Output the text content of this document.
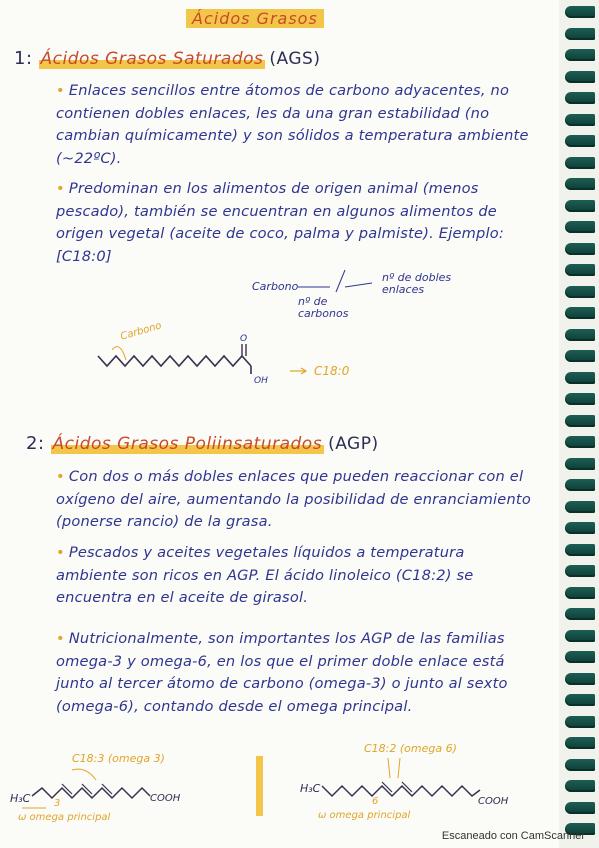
Ácidos Grasos
1: Ácidos Grasos Saturados (AGS)
• Enlaces sencillos entre átomos de carbono adyacentes, no contienen dobles enlaces, les da una gran estabilidad (no cambian químicamente) y son sólidos a temperatura ambiente (~22ºC).
• Predominan en los alimentos de origen animal (menos pescado), también se encuentran en algunos alimentos de origen vegetal (aceite de coco, palma y palmiste). Ejemplo: [C18:0]
Carbono
nº de dobles enlaces
nº de carbonos
Carbono	O
OH
C18:0
2: Ácidos Grasos Poliinsaturados (AGP)
• Con dos o más dobles enlaces que pueden reaccionar con el oxígeno del aire, aumentando la posibilidad de enranciamiento (ponerse rancio) de la grasa.
• Pescados y aceites vegetales líquidos a temperatura ambiente son ricos en AGP. El ácido linoleico (C18:2) se encuentra en el aceite de girasol.
• Nutricionalmente, son importantes los AGP de las familias omega-3 y omega-6, en los que el primer doble enlace está junto al tercer átomo de carbono (omega-3) o junto al sexto (omega-6), contando desde el omega principal.
C18:3 (omega 3)
H₃C	COOH
3
ω omega principal
C18:2 (omega 6)
H₃C
COOH
6
ω omega principal
Escaneado con CamScanner
